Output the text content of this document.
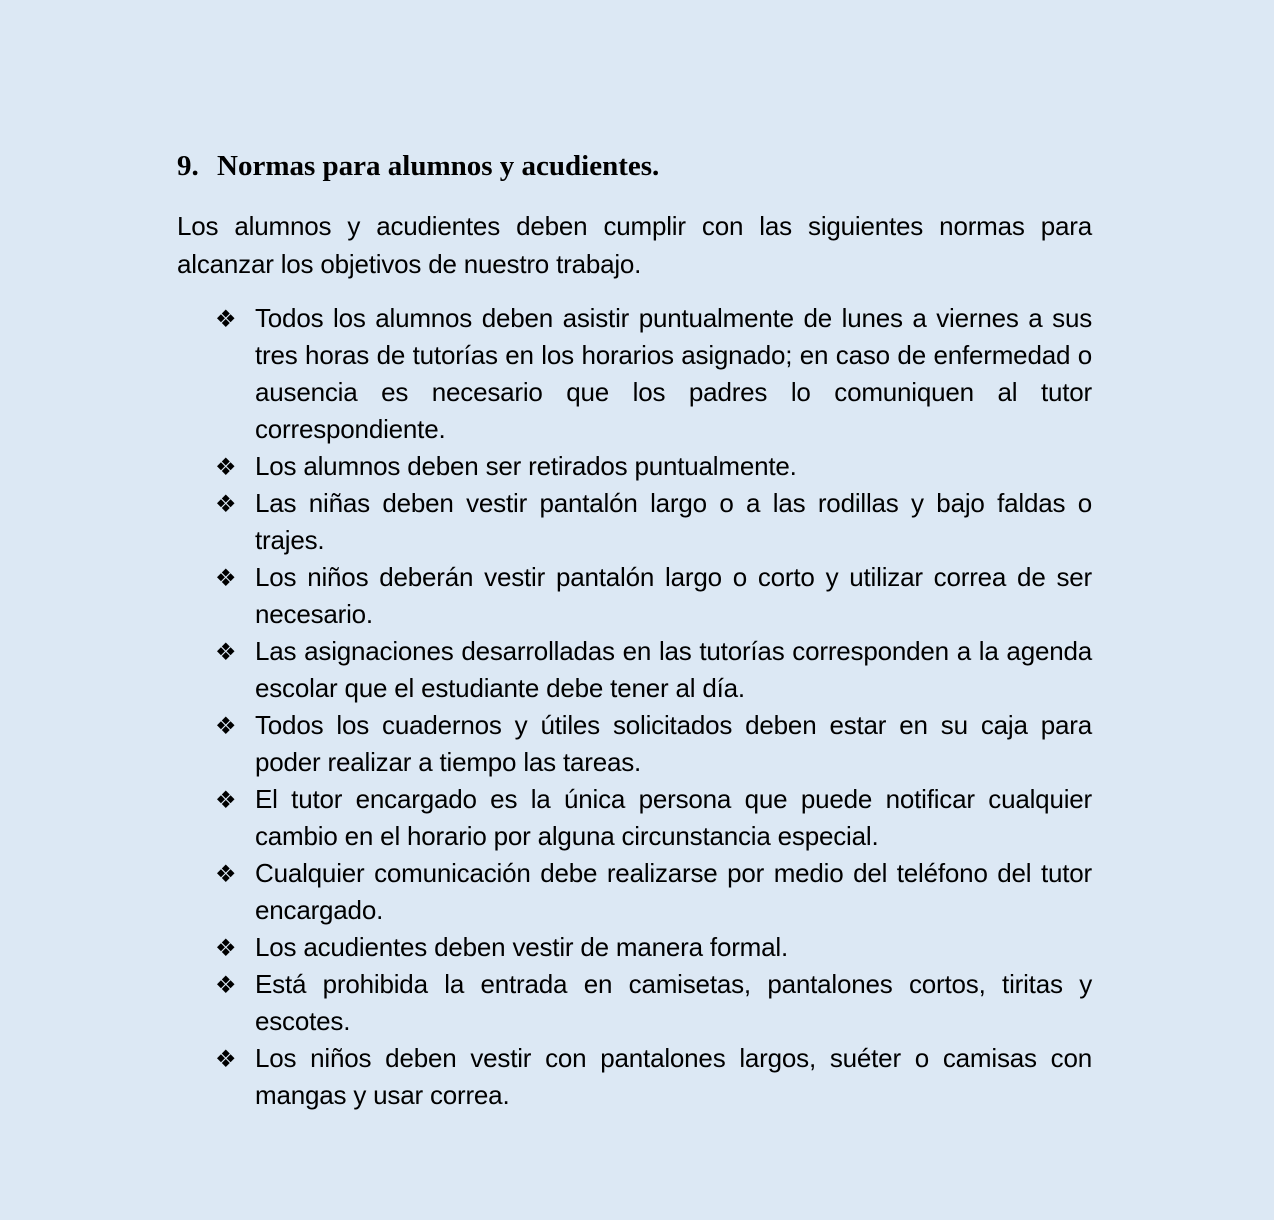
9. Normas para alumnos y acudientes.

Los alumnos y acudientes deben cumplir con las siguientes normas para alcanzar los objetivos de nuestro trabajo.

❖ Todos los alumnos deben asistir puntualmente de lunes a viernes a sus tres horas de tutorías en los horarios asignado; en caso de enfermedad o ausencia es necesario que los padres lo comuniquen al tutor correspondiente.
❖ Los alumnos deben ser retirados puntualmente.
❖ Las niñas deben vestir pantalón largo o a las rodillas y bajo faldas o trajes.
❖ Los niños deberán vestir pantalón largo o corto y utilizar correa de ser necesario.
❖ Las asignaciones desarrolladas en las tutorías corresponden a la agenda escolar que el estudiante debe tener al día.
❖ Todos los cuadernos y útiles solicitados deben estar en su caja para poder realizar a tiempo las tareas.
❖ El tutor encargado es la única persona que puede notificar cualquier cambio en el horario por alguna circunstancia especial.
❖ Cualquier comunicación debe realizarse por medio del teléfono del tutor encargado.
❖ Los acudientes deben vestir de manera formal.
❖ Está prohibida la entrada en camisetas, pantalones cortos, tiritas y escotes.
❖ Los niños deben vestir con pantalones largos, suéter o camisas con mangas y usar correa.
